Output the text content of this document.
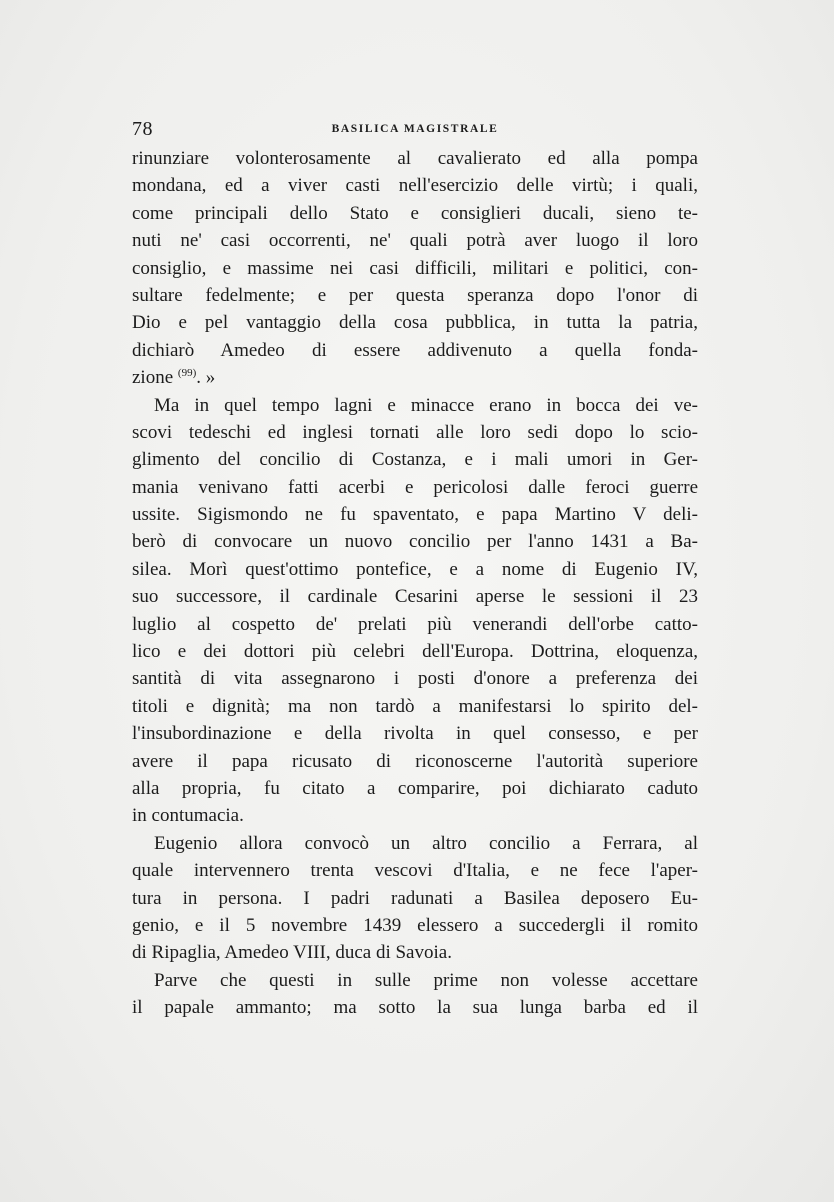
78	BASILICA MAGISTRALE
rinunziare volonterosamente al cavalierato ed alla pompa
mondana, ed a viver casti nell'esercizio delle virtù; i quali,
come principali dello Stato e consiglieri ducali, sieno te-
nuti ne' casi occorrenti, ne' quali potrà aver luogo il loro
consiglio, e massime nei casi difficili, militari e politici, con-
sultare fedelmente; e per questa speranza dopo l'onor di
Dio e pel vantaggio della cosa pubblica, in tutta la patria,
dichiarò Amedeo di essere addivenuto a quella fonda-
zione $^{(99)}$. »
Ma in quel tempo lagni e minacce erano in bocca dei ve-
scovi tedeschi ed inglesi tornati alle loro sedi dopo lo scio-
glimento del concilio di Costanza, e i mali umori in Ger-
mania venivano fatti acerbi e pericolosi dalle feroci guerre
ussite. Sigismondo ne fu spaventato, e papa Martino V deli-
berò di convocare un nuovo concilio per l'anno 1431 a Ba-
silea. Morì quest'ottimo pontefice, e a nome di Eugenio IV,
suo successore, il cardinale Cesarini aperse le sessioni il 23
luglio al cospetto de' prelati più venerandi dell'orbe catto-
lico e dei dottori più celebri dell'Europa. Dottrina, eloquenza,
santità di vita assegnarono i posti d'onore a preferenza dei
titoli e dignità; ma non tardò a manifestarsi lo spirito del-
l'insubordinazione e della rivolta in quel consesso, e per
avere il papa ricusato di riconoscerne l'autorità superiore
alla propria, fu citato a comparire, poi dichiarato caduto
in contumacia.
Eugenio allora convocò un altro concilio a Ferrara, al
quale intervennero trenta vescovi d'Italia, e ne fece l'aper-
tura in persona. I padri radunati a Basilea deposero Eu-
genio, e il 5 novembre 1439 elessero a succedergli il romito
di Ripaglia, Amedeo VIII, duca di Savoia.
Parve che questi in sulle prime non volesse accettare
il papale ammanto; ma sotto la sua lunga barba ed il
